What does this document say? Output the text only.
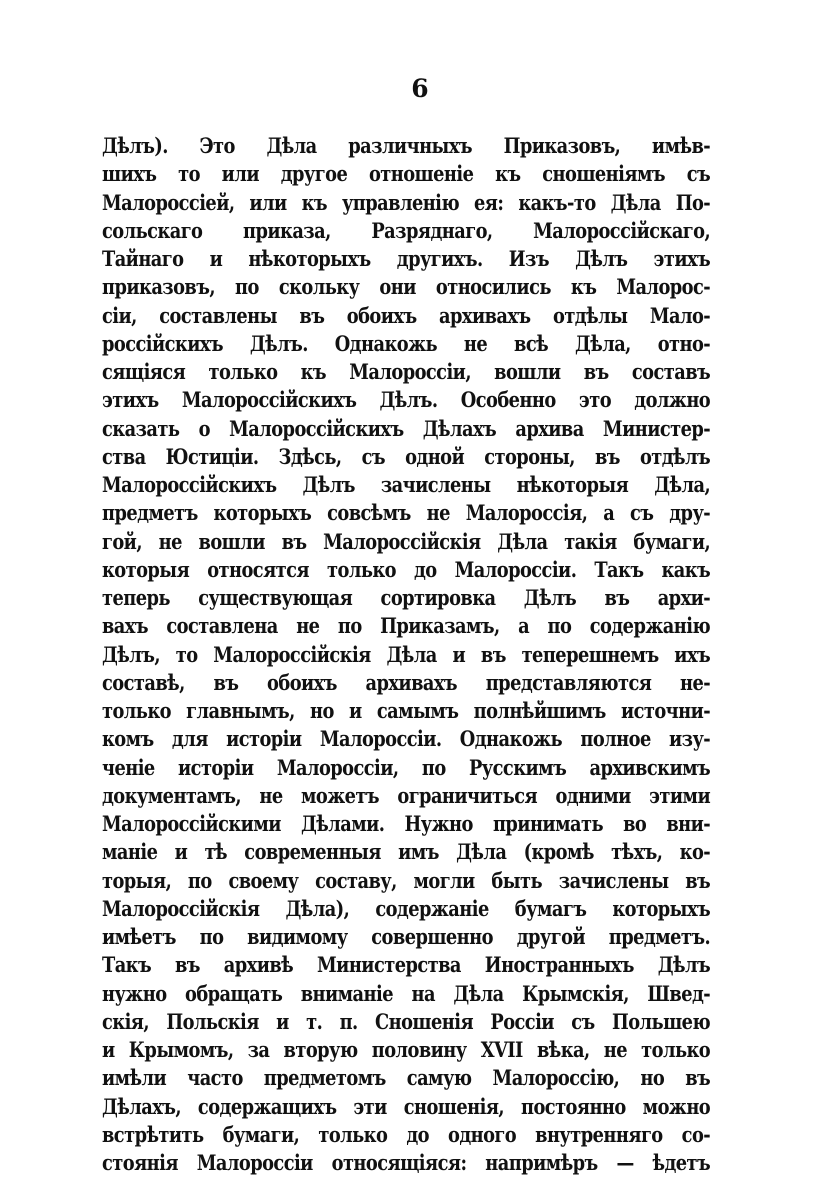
6
Дѣлъ). Это Дѣла различныхъ Приказовъ, имѣв-
шихъ то или другое отношеніе къ сношеніямъ съ
Малороссіей, или къ управленію ея: какъ-то Дѣла По-
сольскаго приказа, Разряднаго, Малороссійскаго,
Тайнаго и нѣкоторыхъ другихъ. Изъ Дѣлъ этихъ
приказовъ, по скольку они относились къ Малорос-
сіи, составлены въ обоихъ архивахъ отдѣлы Мало-
россійскихъ Дѣлъ. Однакожь не всѣ Дѣла, отно-
сящіяся только къ Малороссіи, вошли въ составъ
этихъ Малороссійскихъ Дѣлъ. Особенно это должно
сказать о Малороссійскихъ Дѣлахъ архива Министер-
ства Юстиціи. Здѣсь, съ одной стороны, въ отдѣлъ
Малороссійскихъ Дѣлъ зачислены нѣкоторыя Дѣла,
предметъ которыхъ совсѣмъ не Малороссія, а съ дру-
гой, не вошли въ Малороссійскія Дѣла такія бумаги,
которыя относятся только до Малороссіи. Такъ какъ
теперь существующая сортировка Дѣлъ въ архи-
вахъ составлена не по Приказамъ, а по содержанію
Дѣлъ, то Малороссійскія Дѣла и въ теперешнемъ ихъ
составѣ, въ обоихъ архивахъ представляются не-
только главнымъ, но и самымъ полнѣйшимъ источни-
комъ для исторіи Малороссіи. Однакожь полное изу-
ченіе исторіи Малороссіи, по Русскимъ архивскимъ
документамъ, не можетъ ограничиться одними этими
Малороссійскими Дѣлами. Нужно принимать во вни-
маніе и тѣ современныя имъ Дѣла (кромѣ тѣхъ, ко-
торыя, по своему составу, могли быть зачислены въ
Малороссійскія Дѣла), содержаніе бумагъ которыхъ
имѣетъ по видимому совершенно другой предметъ.
Такъ въ архивѣ Министерства Иностранныхъ Дѣлъ
нужно обращать вниманіе на Дѣла Крымскія, Швед-
скія, Польскія и т. п. Сношенія Россіи съ Польшею
и Крымомъ, за вторую половину XVII вѣка, не только
имѣли часто предметомъ самую Малороссію, но въ
Дѣлахъ, содержащихъ эти сношенія, постоянно можно
встрѣтить бумаги, только до одного внутренняго со-
стоянія Малороссіи относящіяся: напримѣръ — ѣдетъ
